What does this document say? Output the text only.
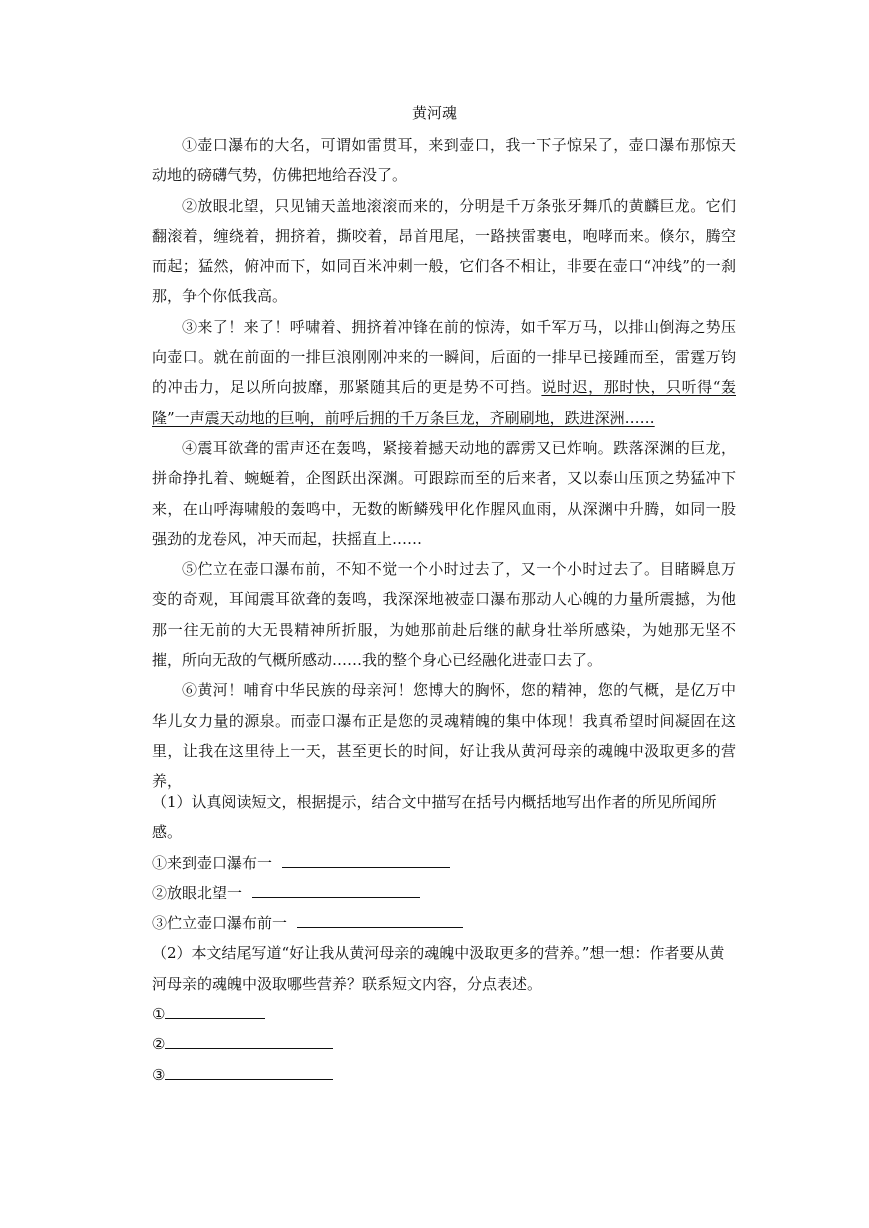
黄河魂

①壶口瀑布的大名，可谓如雷贯耳，来到壶口，我一下子惊呆了，壶口瀑布那惊天动地的磅礴气势，仿佛把地给吞没了。

②放眼北望，只见铺天盖地滚滚而来的，分明是千万条张牙舞爪的黄麟巨龙。它们翻滚着，缠绕着，拥挤着，撕咬着，昂首甩尾，一路挟雷裹电，咆哮而来。倏尔，腾空而起；猛然，俯冲而下，如同百米冲刺一般，它们各不相让，非要在壶口“冲线”的一刹那，争个你低我高。

③来了！来了！呼啸着、拥挤着冲锋在前的惊涛，如千军万马，以排山倒海之势压向壶口。就在前面的一排巨浪刚刚冲来的一瞬间，后面的一排早已接踵而至，雷霆万钧的冲击力，足以所向披靡，那紧随其后的更是势不可挡。说时迟，那时快，只听得“轰隆”一声震天动地的巨响，前呼后拥的千万条巨龙，齐刷刷地，跌进深洲……

④震耳欲聋的雷声还在轰鸣，紧接着撼天动地的霹雳又已炸响。跌落深渊的巨龙，拼命挣扎着、蜿蜒着，企图跃出深渊。可跟踪而至的后来者，又以泰山压顶之势猛冲下来，在山呼海啸般的轰鸣中，无数的断鳞残甲化作腥风血雨，从深渊中升腾，如同一股强劲的龙卷风，冲天而起，扶摇直上……

⑤伫立在壶口瀑布前，不知不觉一个小时过去了，又一个小时过去了。目睹瞬息万变的奇观，耳闻震耳欲聋的轰鸣，我深深地被壶口瀑布那动人心魄的力量所震撼，为他那一往无前的大无畏精神所折服，为她那前赴后继的献身壮举所感染，为她那无坚不摧，所向无敌的气概所感动……我的整个身心已经融化进壶口去了。

⑥黄河！哺育中华民族的母亲河！您博大的胸怀，您的精神，您的气概，是亿万中华儿女力量的源泉。而壶口瀑布正是您的灵魂精魄的集中体现！我真希望时间凝固在这里，让我在这里待上一天，甚至更长的时间，好让我从黄河母亲的魂魄中汲取更多的营养，

（1）认真阅读短文，根据提示，结合文中描写在括号内概括地写出作者的所见所闻所感。

①来到壶口瀑布一
②放眼北望一
③伫立壶口瀑布前一

（2）本文结尾写道“好让我从黄河母亲的魂魄中汲取更多的营养。”想一想：作者要从黄河母亲的魂魄中汲取哪些营养？联系短文内容，分点表述。

①
②
③
